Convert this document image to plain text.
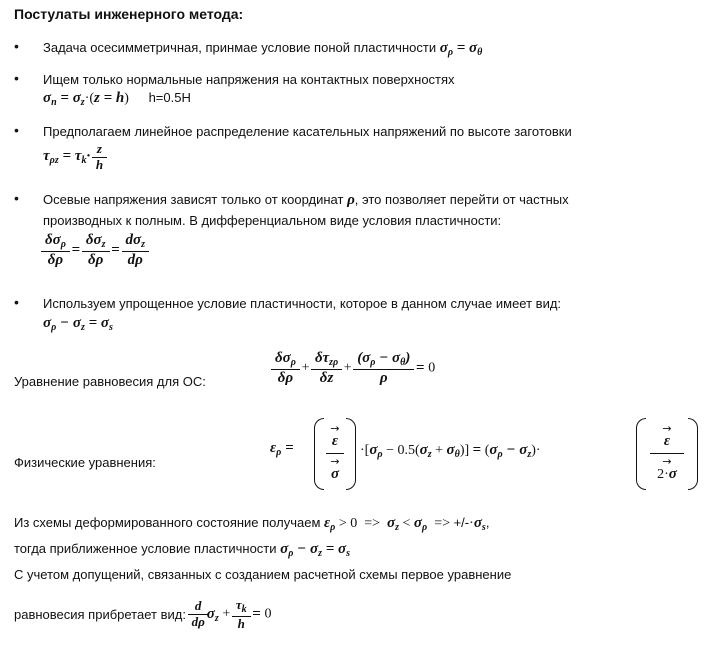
Постулаты инженерного метода:
• Задача осесимметричная, принмае условие поной пластичности $\sigma_\rho = \sigma_\theta$
• Ищем только нормальные напряжения на контактных поверхностях
$\sigma_n = \sigma_z\cdot(z = h)$ h=0.5H
• Предполагаем линейное распределение касательных напряжений по высоте заготовки
$\tau_{\rho z} = \tau_k\cdot \frac{z}{h}$
• Осевые напряжения зависят только от координат ρ, это позволяет перейти от частных
производных к полным. В дифференциальном виде условия пластичности:
$\frac{\delta\sigma_\rho}{\delta\rho} = \frac{\delta\sigma_z}{\delta\rho} = \frac{d\sigma_z}{d\rho}$
• Используем упрощенное условие пластичности, которое в данном случае имеет вид:
$\sigma_\rho - \sigma_z = \sigma_s$
Уравнение равновесия для ОС:	$\frac{\delta\sigma_\rho}{\delta\rho} + \frac{\delta\tau_{z\rho}}{\delta z} + \frac{(\sigma_\rho - \sigma_\theta)}{\rho} = 0$
Физические уравнения:
$\varepsilon_\rho$ =
→
ε
→
σ
$\cdot[\sigma_\rho - 0.5(\sigma_z + \sigma_\theta)] = (\sigma_\rho - \sigma_z)\cdot$
→
ε
→
2·σ
Из схемы деформированного состояние получаем $\varepsilon_\rho > 0 => \sigma_z < \sigma_\rho => +/-\cdot\sigma_s$,
тогда приближенное условие пластичности $\sigma_\rho - \sigma_z = \sigma_s$
С учетом допущений, связанных с созданием расчетной схемы первое уравнение
равновесия прибретает вид: $\frac{d}{d\rho} \sigma_z + \frac{\tau_k}{h} = 0$
